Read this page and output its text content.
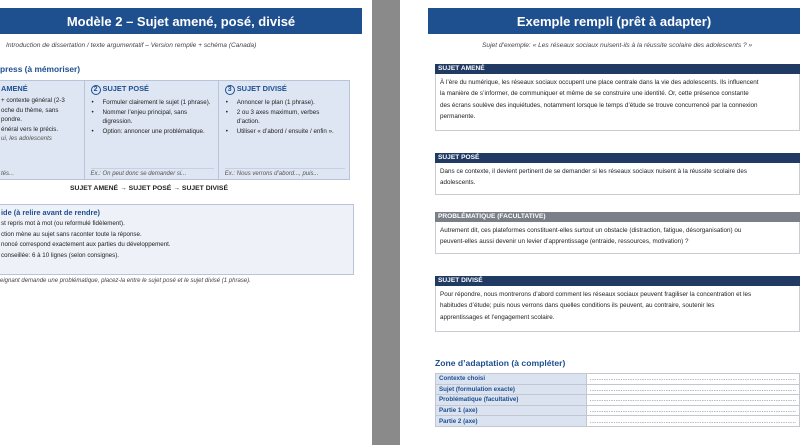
Modèle 2 – Sujet amené, posé, divisé
Introduction de dissertation / texte argumentatif – Version remplie + schéma (Canada)
press (à mémoriser)
AMENÉ
+ contexte général (2-3
oche du thème, sans
pondre.
énéral vers le précis.
ui, les adolescents
tés...
2 SUJET POSÉ
• Formuler clairement le sujet (1 phrase).
• Nommer l’enjeu principal, sans digression.
• Option: annoncer une problématique.
Ex.: On peut donc se demander si...
3 SUJET DIVISÉ
• Annoncer le plan (1 phrase).
• 2 ou 3 axes maximum, verbes d’action.
• Utiliser « d’abord / ensuite / enfin ».
Ex.: Nous verrons d’abord..., puis...
SUJET AMENÉ → SUJET POSÉ → SUJET DIVISÉ
ide (à relire avant de rendre)
st repris mot à mot (ou reformulé fidèlement).
ction mène au sujet sans raconter toute la réponse.
noncé correspond exactement aux parties du développement.
conseillée: 6 à 10 lignes (selon consignes).
eignant demande une problématique, placez-la entre le sujet posé et le sujet divisé (1 phrase).
Exemple rempli (prêt à adapter)
Sujet d’exemple: « Les réseaux sociaux nuisent-ils à la réussite scolaire des adolescents ? »
SUJET AMENÉ

À l’ère du numérique, les réseaux sociaux occupent une place centrale dans la vie des adolescents. Ils influencent

la manière de s’informer, de communiquer et même de se construire une identité. Or, cette présence constante

des écrans soulève des inquiétudes, notamment lorsque le temps d’étude se trouve concurrencé par la connexion

permanente.

SUJET POSÉ

Dans ce contexte, il devient pertinent de se demander si les réseaux sociaux nuisent à la réussite scolaire des

adolescents.

PROBLÉMATIQUE (FACULTATIVE)

Autrement dit, ces plateformes constituent-elles surtout un obstacle (distraction, fatigue, désorganisation) ou

peuvent-elles aussi devenir un levier d’apprentissage (entraide, ressources, motivation) ?

SUJET DIVISÉ

Pour répondre, nous montrerons d’abord comment les réseaux sociaux peuvent fragiliser la concentration et les

habitudes d’étude; puis nous verrons dans quelles conditions ils peuvent, au contraire, soutenir les

apprentissages et l’engagement scolaire.

Zone d’adaptation (à compléter)
Contexte choisi	........................................................................................................................
Sujet (formulation exacte)	........................................................................................................................
Problématique (facultative)	........................................................................................................................
Partie 1 (axe)	........................................................................................................................
Partie 2 (axe)	........................................................................................................................
